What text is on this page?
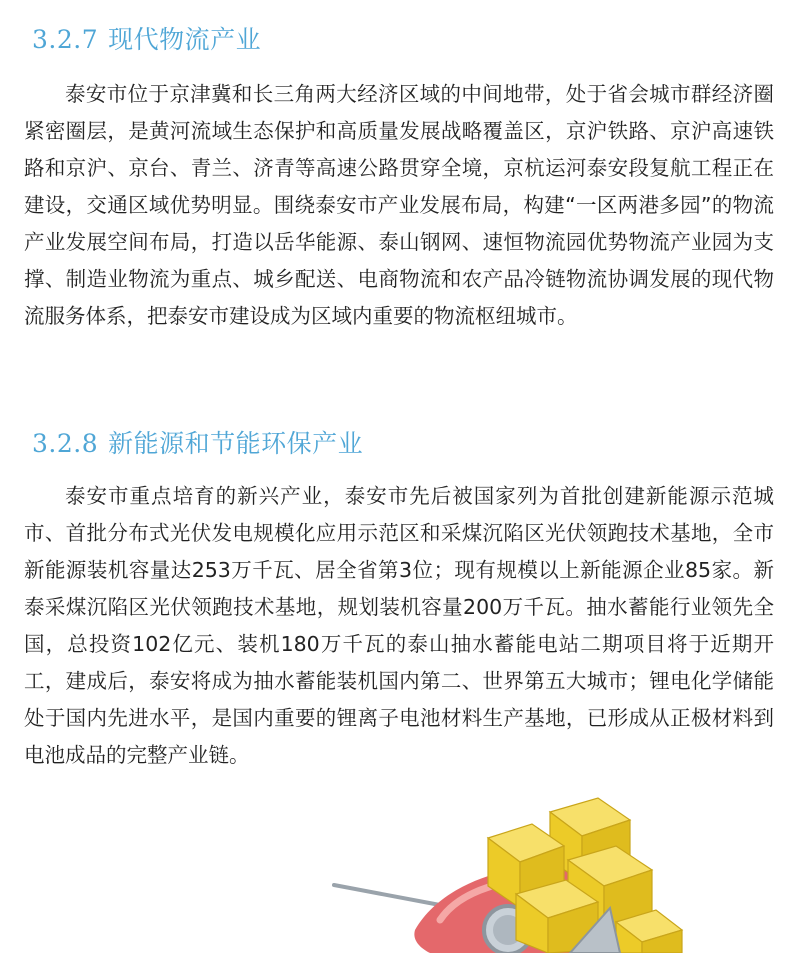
3.2.7 现代物流产业

泰安市位于京津冀和长三角两大经济区域的中间地带，处于省会城市群经济圈紧密圈层，是黄河流域生态保护和高质量发展战略覆盖区，京沪铁路、京沪高速铁路和京沪、京台、青兰、济青等高速公路贯穿全境，京杭运河泰安段复航工程正在建设，交通区域优势明显。围绕泰安市产业发展布局，构建“一区两港多园”的物流产业发展空间布局，打造以岳华能源、泰山钢网、速恒物流园优势物流产业园为支撑、制造业物流为重点、城乡配送、电商物流和农产品冷链物流协调发展的现代物流服务体系，把泰安市建设成为区域内重要的物流枢纽城市。

3.2.8 新能源和节能环保产业

泰安市重点培育的新兴产业，泰安市先后被国家列为首批创建新能源示范城市、首批分布式光伏发电规模化应用示范区和采煤沉陷区光伏领跑技术基地，全市新能源装机容量达253万千瓦、居全省第3位；现有规模以上新能源企业85家。新泰采煤沉陷区光伏领跑技术基地，规划装机容量200万千瓦。抽水蓄能行业领先全国，总投资102亿元、装机180万千瓦的泰山抽水蓄能电站二期项目将于近期开工，建成后，泰安将成为抽水蓄能装机国内第二、世界第五大城市；锂电化学储能处于国内先进水平，是国内重要的锂离子电池材料生产基地，已形成从正极材料到电池成品的完整产业链。
